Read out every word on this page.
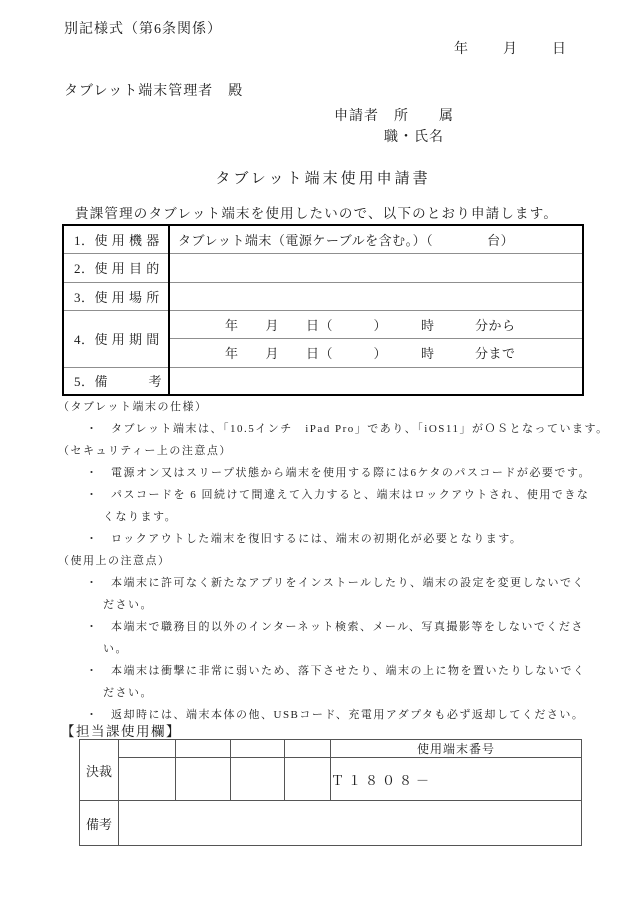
別記様式（第6条関係）
年	月	日
タブレット端末管理者　殿
申請者　所　　属
職・氏名
タブレット端末使用申請書
貴課管理のタブレット端末を使用したいので、以下のとおり申請します。
1．使 用 機 器	タブレット端末（電源ケーブルを含む。）（　　　　台）
2．使 用 目 的	
3．使 用 場 所	
4．使 用 期 間	年　　月　　日（　　　）　　　時　　　分から
	年　　月　　日（　　　）　　　時　　　分まで
5．備　　　考	
（タブレット端末の仕様）
・　タブレット端末は、「10.5インチ　iPad Pro」であり、「iOS11」がＯＳとなっています。
（セキュリティー上の注意点）
・　電源オン又はスリープ状態から端末を使用する際には6ケタのパスコードが必要です。
・　パスコードを 6 回続けて間違えて入力すると、端末はロックアウトされ、使用できな
くなります。
・　ロックアウトした端末を復旧するには、端末の初期化が必要となります。
（使用上の注意点）
・　本端末に許可なく新たなアプリをインストールしたり、端末の設定を変更しないでく
ださい。
・　本端末で職務目的以外のインターネット検索、メール、写真撮影等をしないでくださ
い。
・　本端末は衝撃に非常に弱いため、落下させたり、端末の上に物を置いたりしないでく
ださい。
・　返却時には、端末本体の他、USBコード、充電用アダプタも必ず返却してください。
【担当課使用欄】
決裁					使用端末番号
					Ｔ１８０８－
備考					
